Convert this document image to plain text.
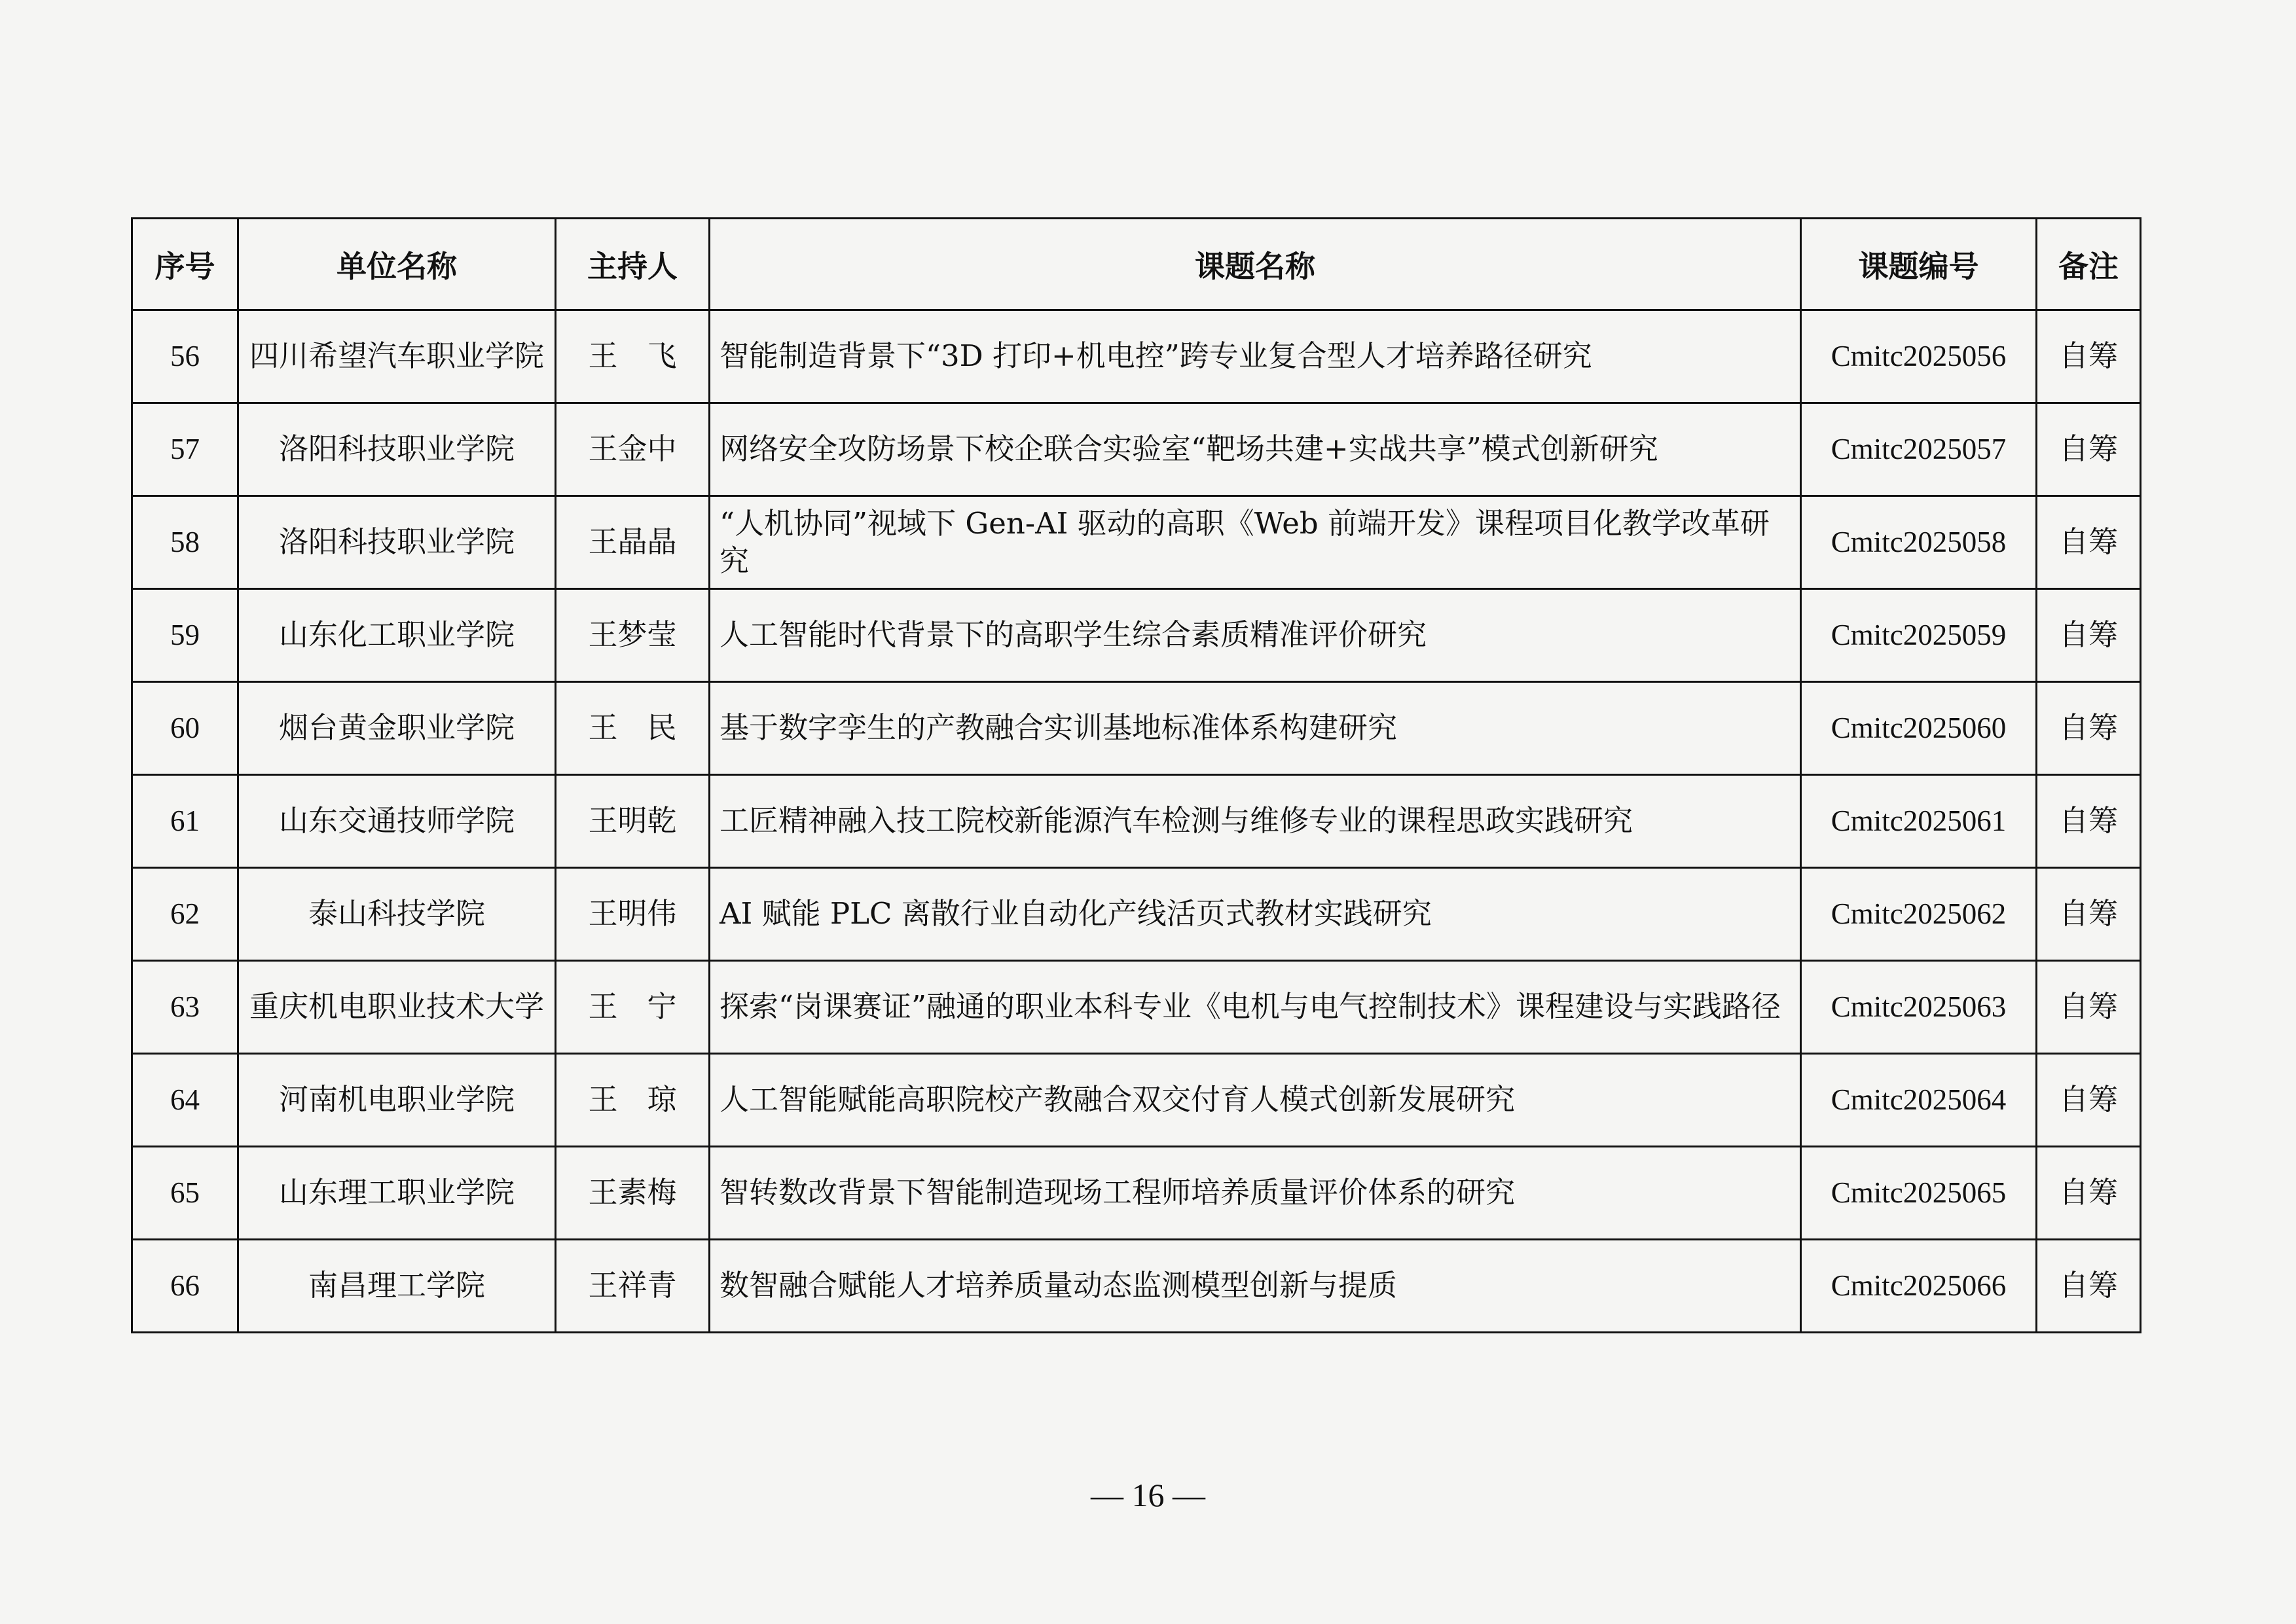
序号	单位名称	主持人	课题名称	课题编号	备注
56	四川希望汽车职业学院	王　飞	智能制造背景下“3D 打印+机电控”跨专业复合型人才培养路径研究	Cmitc2025056	自筹
57	洛阳科技职业学院	王金中	网络安全攻防场景下校企联合实验室“靶场共建+实战共享”模式创新研究	Cmitc2025057	自筹
58	洛阳科技职业学院	王晶晶	“人机协同”视域下 Gen-AI 驱动的高职《Web 前端开发》课程项目化教学改革研究	Cmitc2025058	自筹
59	山东化工职业学院	王梦莹	人工智能时代背景下的高职学生综合素质精准评价研究	Cmitc2025059	自筹
60	烟台黄金职业学院	王　民	基于数字孪生的产教融合实训基地标准体系构建研究	Cmitc2025060	自筹
61	山东交通技师学院	王明乾	工匠精神融入技工院校新能源汽车检测与维修专业的课程思政实践研究	Cmitc2025061	自筹
62	泰山科技学院	王明伟	AI 赋能 PLC 离散行业自动化产线活页式教材实践研究	Cmitc2025062	自筹
63	重庆机电职业技术大学	王　宁	探索“岗课赛证”融通的职业本科专业《电机与电气控制技术》课程建设与实践路径	Cmitc2025063	自筹
64	河南机电职业学院	王　琼	人工智能赋能高职院校产教融合双交付育人模式创新发展研究	Cmitc2025064	自筹
65	山东理工职业学院	王素梅	智转数改背景下智能制造现场工程师培养质量评价体系的研究	Cmitc2025065	自筹
66	南昌理工学院	王祥青	数智融合赋能人才培养质量动态监测模型创新与提质	Cmitc2025066	自筹
— 16 —
